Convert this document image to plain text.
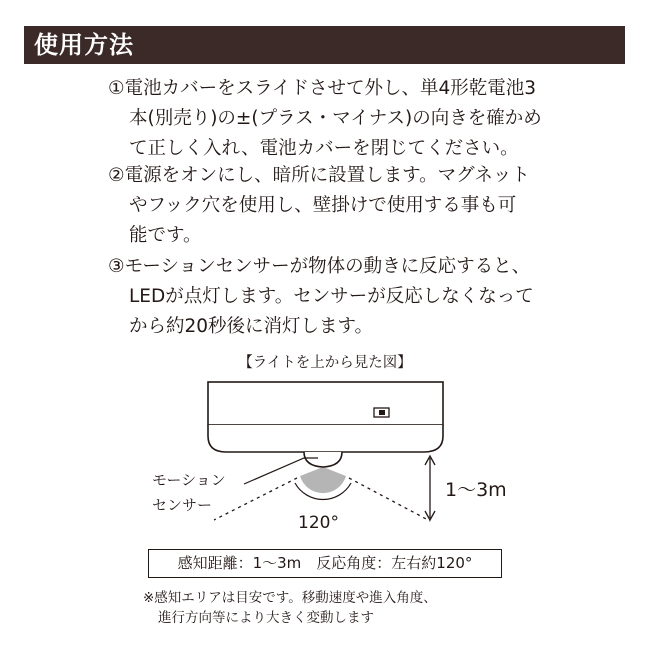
使用方法
①電池カバーをスライドさせて外し、単4形乾電池3
本(別売り)の±(プラス・マイナス)の向きを確かめ
て正しく入れ、電池カバーを閉じてください。
②電源をオンにし、暗所に設置します。マグネット
やフック穴を使用し、壁掛けで使用する事も可
能です。
③モーションセンサーが物体の動きに反応すると、
LEDが点灯します。センサーが反応しなくなって
から約20秒後に消灯します。
【ライトを上から見た図】
モーション
センサー
1〜3m
120°
感知距離：1〜3m　反応角度：左右約120°
※感知エリアは目安です。移動速度や進入角度、
進行方向等により大きく変動します
